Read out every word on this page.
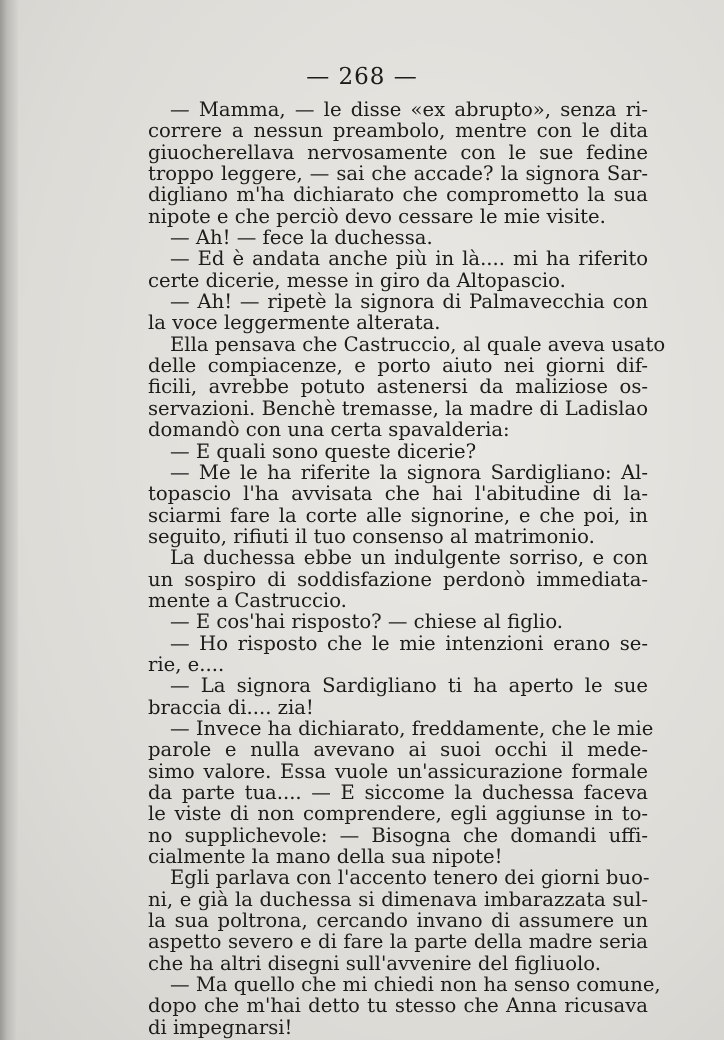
— 268 —
— Mamma, — le disse «ex abrupto», senza ri-
correre a nessun preambolo, mentre con le dita
giuocherellava nervosamente con le sue fedine
troppo leggere, — sai che accade? la signora Sar-
digliano m'ha dichiarato che comprometto la sua
nipote e che perciò devo cessare le mie visite.
— Ah! — fece la duchessa.
— Ed è andata anche più in là.... mi ha riferito
certe dicerie, messe in giro da Altopascio.
— Ah! — ripetè la signora di Palmavecchia con
la voce leggermente alterata.
Ella pensava che Castruccio, al quale aveva usato
delle compiacenze, e porto aiuto nei giorni dif-
ficili, avrebbe potuto astenersi da maliziose os-
servazioni. Benchè tremasse, la madre di Ladislao
domandò con una certa spavalderia:
— E quali sono queste dicerie?
— Me le ha riferite la signora Sardigliano: Al-
topascio l'ha avvisata che hai l'abitudine di la-
sciarmi fare la corte alle signorine, e che poi, in
seguito, rifiuti il tuo consenso al matrimonio.
La duchessa ebbe un indulgente sorriso, e con
un sospiro di soddisfazione perdonò immediata-
mente a Castruccio.
— E cos'hai risposto? — chiese al figlio.
— Ho risposto che le mie intenzioni erano se-
rie, e....
— La signora Sardigliano ti ha aperto le sue
braccia di.... zia!
— Invece ha dichiarato, freddamente, che le mie
parole e nulla avevano ai suoi occhi il mede-
simo valore. Essa vuole un'assicurazione formale
da parte tua.... — E siccome la duchessa faceva
le viste di non comprendere, egli aggiunse in to-
no supplichevole: — Bisogna che domandi uffi-
cialmente la mano della sua nipote!
Egli parlava con l'accento tenero dei giorni buo-
ni, e già la duchessa si dimenava imbarazzata sul-
la sua poltrona, cercando invano di assumere un
aspetto severo e di fare la parte della madre seria
che ha altri disegni sull'avvenire del figliuolo.
— Ma quello che mi chiedi non ha senso comune,
dopo che m'hai detto tu stesso che Anna ricusava
di impegnarsi!
